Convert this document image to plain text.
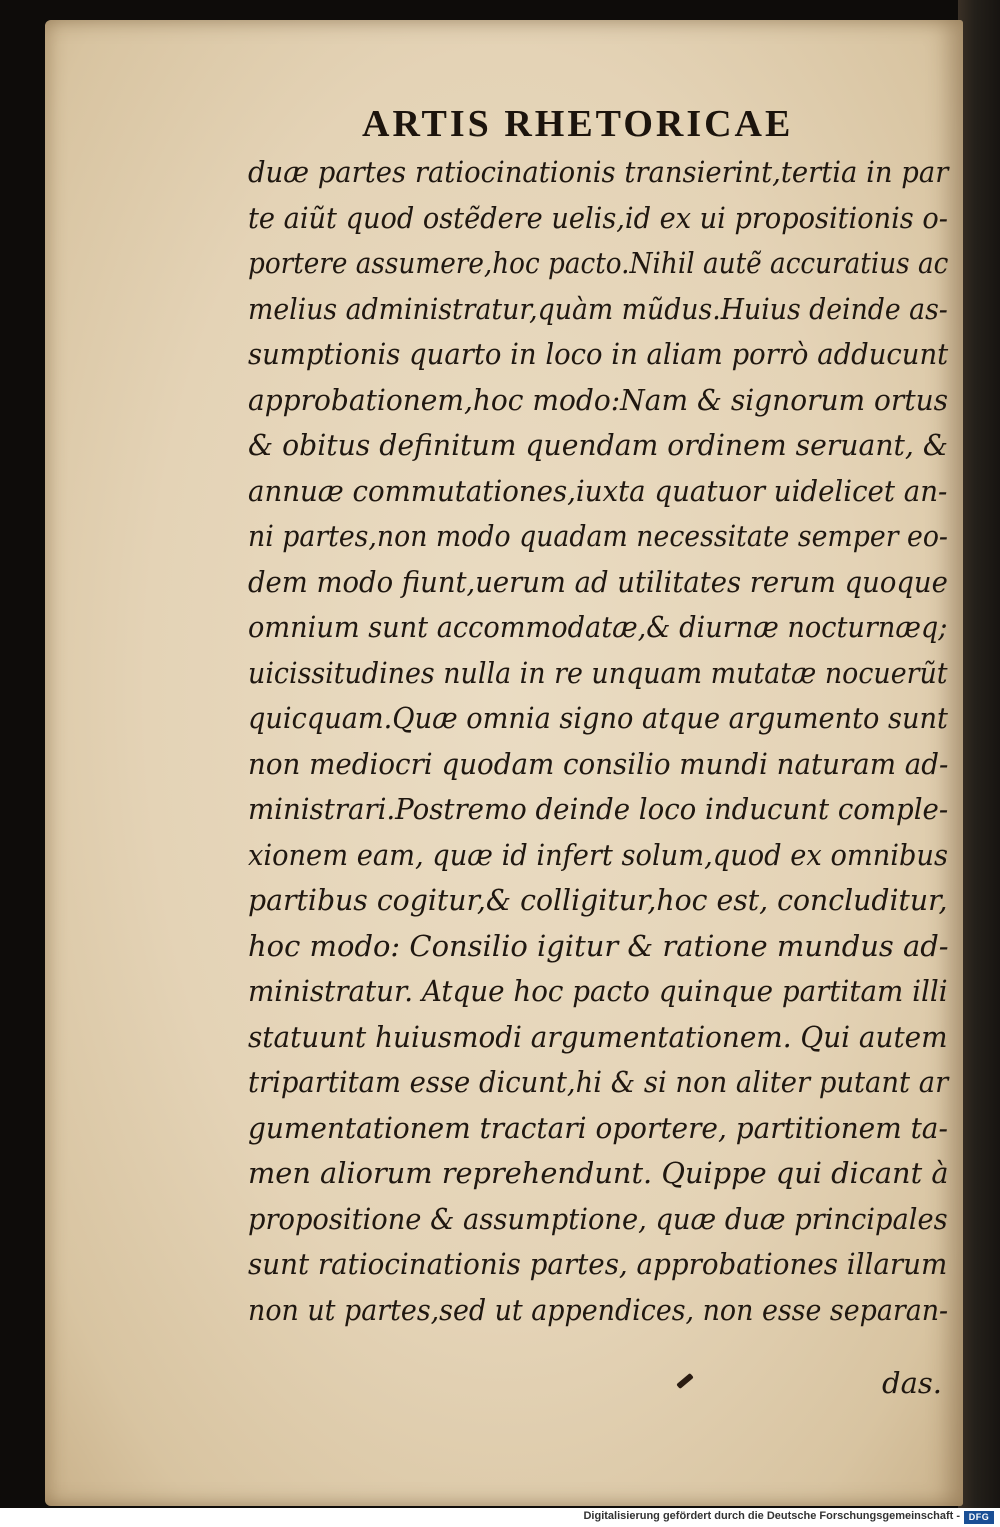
ARTIS RHETORICAE
duæ partes ratiocinationis transierint,tertia in par
te aiũt quod ostẽdere uelis,id ex ui propositionis o-
portere assumere,hoc pacto.Nihil autẽ accuratius ac
melius administratur,quàm mũdus.Huius deinde as-
sumptionis quarto in loco in aliam porrò adducunt
approbationem,hoc modo:Nam & signorum ortus
& obitus definitum quendam ordinem seruant, &
annuæ commutationes,iuxta quatuor uidelicet an-
ni partes,non modo quadam necessitate semper eo-
dem modo fiunt,uerum ad utilitates rerum quoque
omnium sunt accommodatæ,& diurnæ nocturnæq;
uicissitudines nulla in re unquam mutatæ nocuerũt
quicquam.Quæ omnia signo atque argumento sunt
non mediocri quodam consilio mundi naturam ad-
ministrari.Postremo deinde loco inducunt comple-
xionem eam, quæ id infert solum,quod ex omnibus
partibus cogitur,& colligitur,hoc est, concluditur,
hoc modo: Consilio igitur & ratione mundus ad-
ministratur. Atque hoc pacto quinque partitam illi
statuunt huiusmodi argumentationem. Qui autem
tripartitam esse dicunt,hi & si non aliter putant ar
gumentationem tractari oportere, partitionem ta-
men aliorum reprehendunt. Quippe qui dicant à
propositione & assumptione, quæ duæ principales
sunt ratiocinationis partes, approbationes illarum
non ut partes,sed ut appendices, non esse separan-
das.
Digitalisierung gefördert durch die Deutsche Forschungsgemeinschaft - DFG
